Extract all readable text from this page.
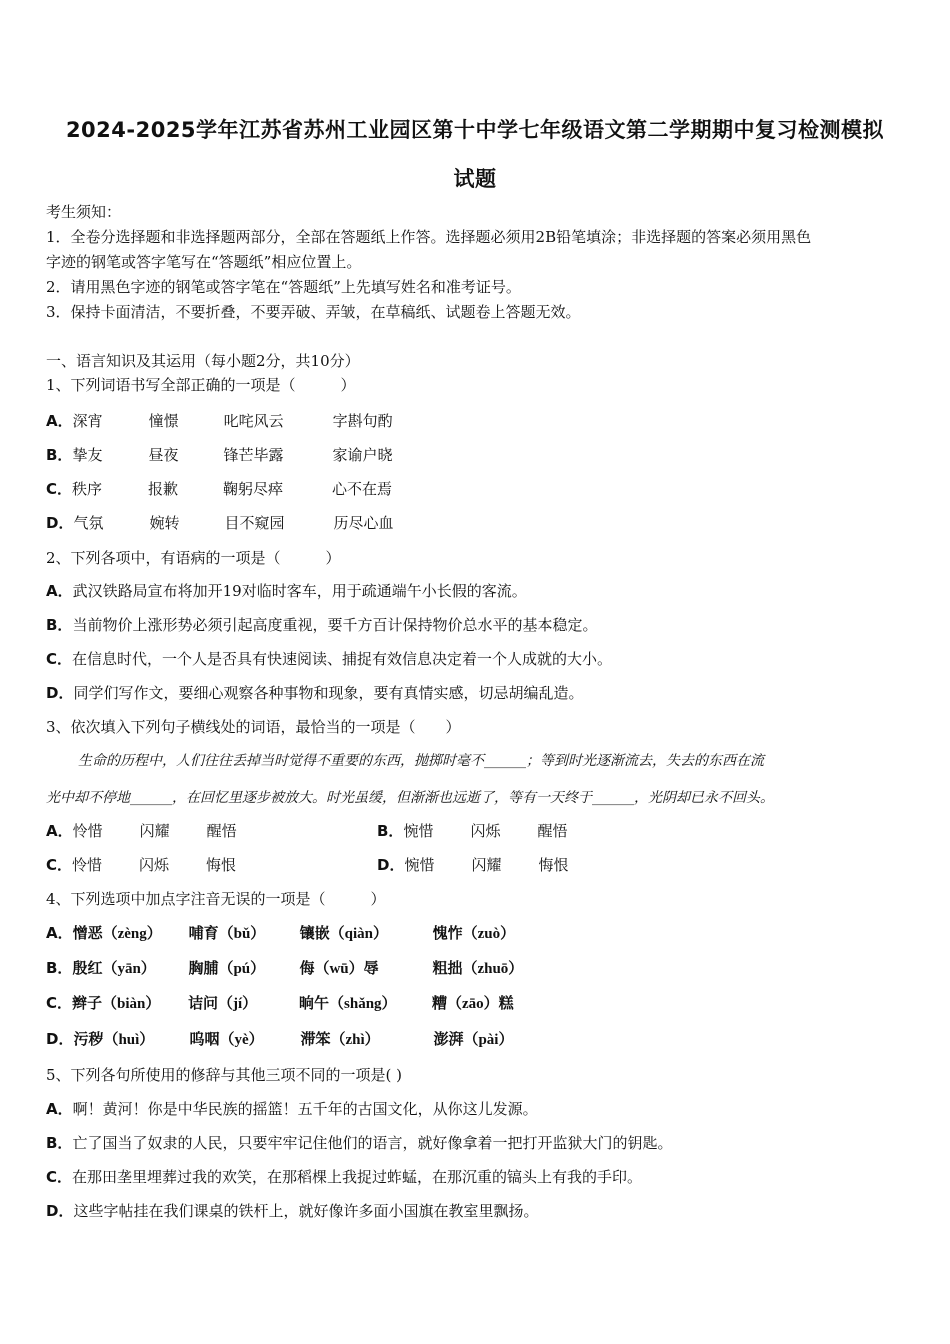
2024-2025学年江苏省苏州工业园区第十中学七年级语文第二学期期中复习检测模拟
试题
考生须知：
1．全卷分选择题和非选择题两部分，全部在答题纸上作答。选择题必须用2B铅笔填涂；非选择题的答案必须用黑色
字迹的钢笔或答字笔写在“答题纸”相应位置上。
2．请用黑色字迹的钢笔或答字笔在“答题纸”上先填写姓名和准考证号。
3．保持卡面清洁，不要折叠，不要弄破、弄皱，在草稿纸、试题卷上答题无效。
一、语言知识及其运用（每小题2分，共10分）
1、下列词语书写全部正确的一项是（　　　）
A．深宵	憧憬	叱咤风云	字斟句酌
B．挚友	昼夜	锋芒毕露	家谕户晓
C．秩序	报歉	鞠躬尽瘁	心不在焉
D．气氛	婉转	目不窥园	历尽心血
2、下列各项中，有语病的一项是（　　　）
A．武汉铁路局宣布将加开19对临时客车，用于疏通端午小长假的客流。
B．当前物价上涨形势必须引起高度重视，要千方百计保持物价总水平的基本稳定。
C．在信息时代，一个人是否具有快速阅读、捕捉有效信息决定着一个人成就的大小。
D．同学们写作文，要细心观察各种事物和现象，要有真情实感，切忌胡编乱造。
3、依次填入下列句子横线处的词语，最恰当的一项是（　　）
生命的历程中，人们往往丢掉当时觉得不重要的东西，抛掷时毫不______；等到时光逐渐流去，失去的东西在流
光中却不停地______，在回忆里逐步被放大。时光虽缓，但渐渐也远逝了，等有一天终于______，光阴却已永不回头。
A．怜惜 闪耀 醒悟	B．惋惜 闪烁 醒悟
C．怜惜 闪烁 悔恨	D．惋惜 闪耀 悔恨
4、下列选项中加点字注音无误的一项是（　　　）
A．憎恶（zèng） 哺育（bǔ） 镶嵌（qiàn）	愧怍（zuò）
B．殷红（yān） 胸脯（pú） 侮（wū）辱	粗拙（zhuō）
C．辫子（biàn） 诘问（jí）	晌午（shǎng） 糟（zāo）糕
D．污秽（huì） 呜咽（yè） 滞笨（zhì）	澎湃（pài）
5、下列各句所使用的修辞与其他三项不同的一项是( )
A．啊！黄河！你是中华民族的摇篮！五千年的古国文化，从你这儿发源。
B．亡了国当了奴隶的人民，只要牢牢记住他们的语言，就好像拿着一把打开监狱大门的钥匙。
C．在那田垄里埋葬过我的欢笑，在那稻棵上我捉过蚱蜢，在那沉重的镐头上有我的手印。
D．这些字帖挂在我们课桌的铁杆上，就好像许多面小国旗在教室里飘扬。
